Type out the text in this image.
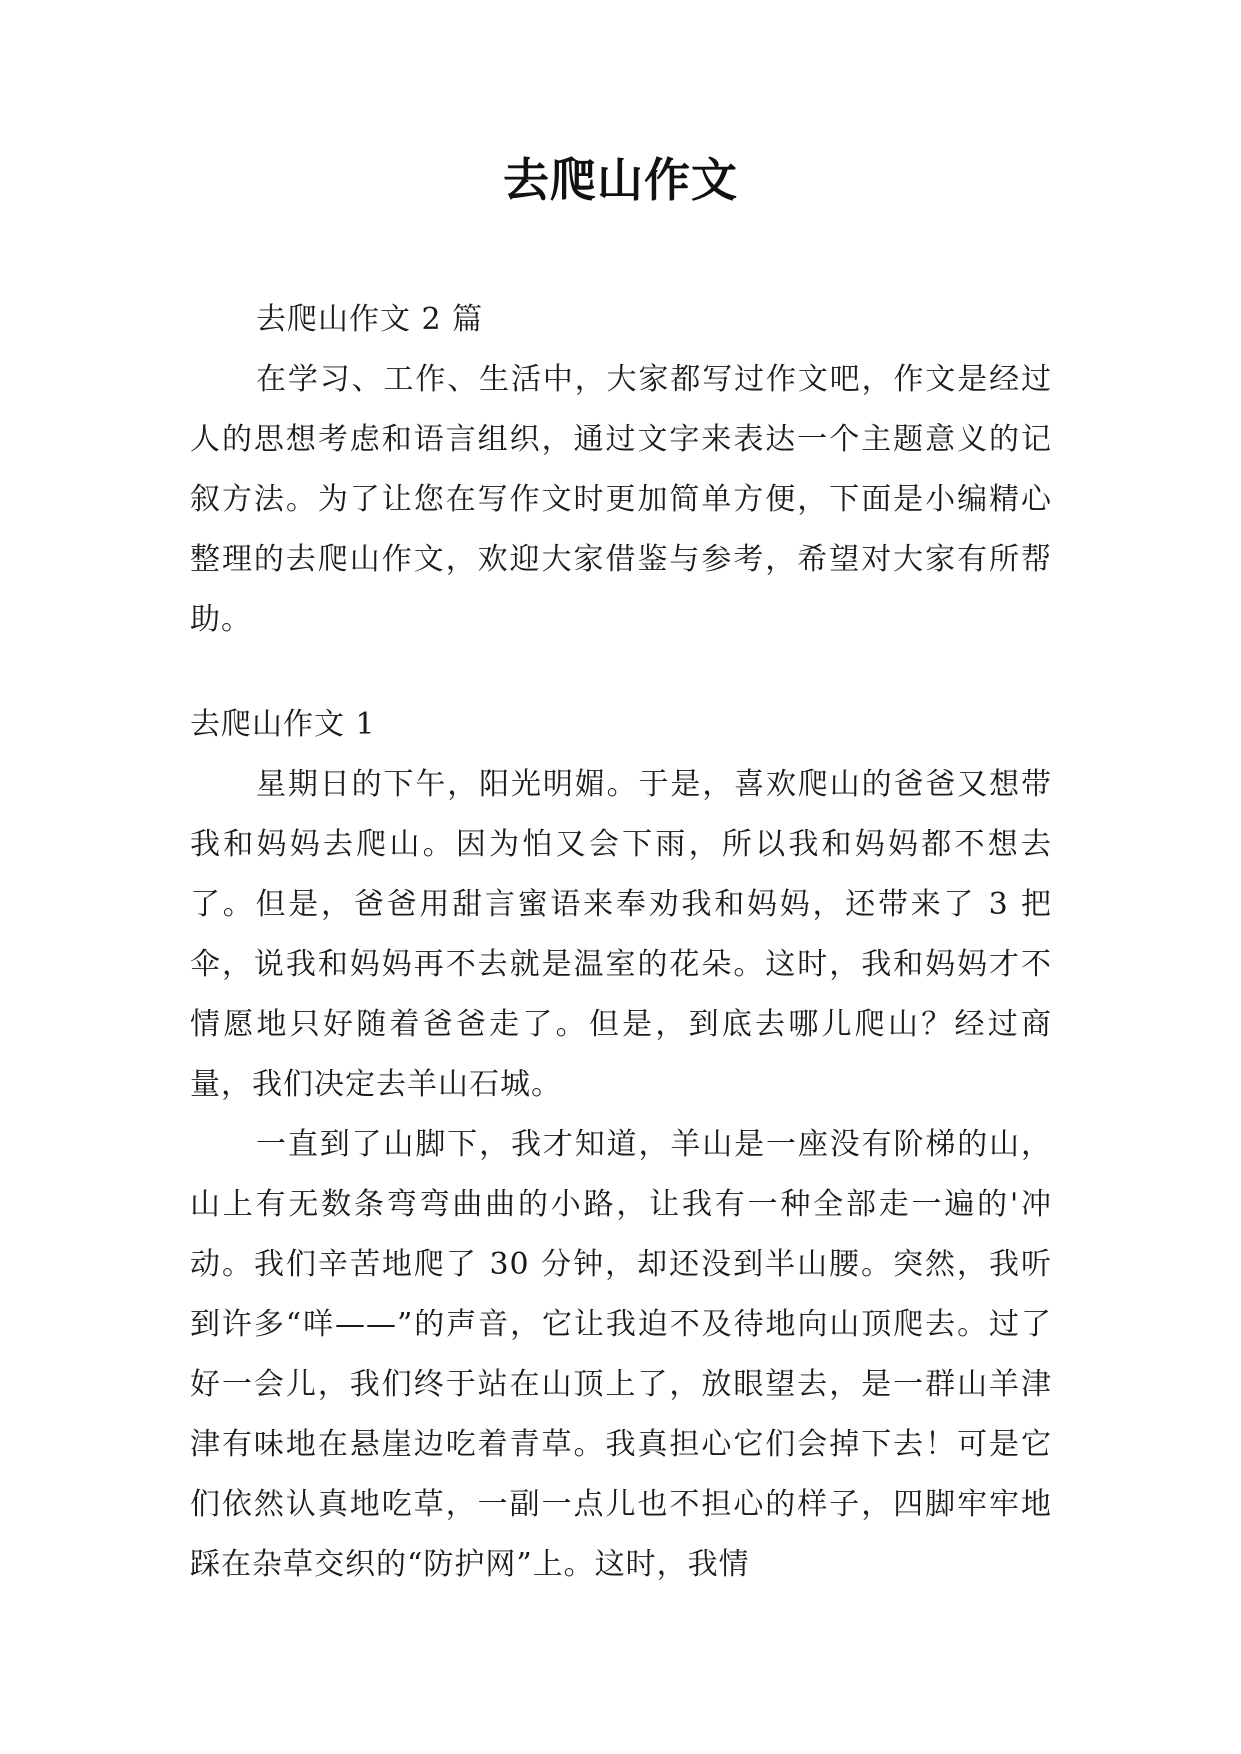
去爬山作文
去爬山作文 2 篇

在学习、工作、生活中，大家都写过作文吧，作文是经过人的思想考虑和语言组织，通过文字来表达一个主题意义的记叙方法。为了让您在写作文时更加简单方便，下面是小编精心整理的去爬山作文，欢迎大家借鉴与参考，希望对大家有所帮助。

去爬山作文 1

星期日的下午，阳光明媚。于是，喜欢爬山的爸爸又想带我和妈妈去爬山。因为怕又会下雨，所以我和妈妈都不想去了。但是，爸爸用甜言蜜语来奉劝我和妈妈，还带来了 3 把伞，说我和妈妈再不去就是温室的花朵。这时，我和妈妈才不情愿地只好随着爸爸走了。但是，到底去哪儿爬山？经过商量，我们决定去羊山石城。

一直到了山脚下，我才知道，羊山是一座没有阶梯的山，山上有无数条弯弯曲曲的小路，让我有一种全部走一遍的'冲动。我们辛苦地爬了 30 分钟，却还没到半山腰。突然，我听到许多“咩——”的声音，它让我迫不及待地向山顶爬去。过了好一会儿，我们终于站在山顶上了，放眼望去，是一群山羊津津有味地在悬崖边吃着青草。我真担心它们会掉下去！可是它们依然认真地吃草，一副一点儿也不担心的样子，四脚牢牢地踩在杂草交织的“防护网”上。这时，我情
